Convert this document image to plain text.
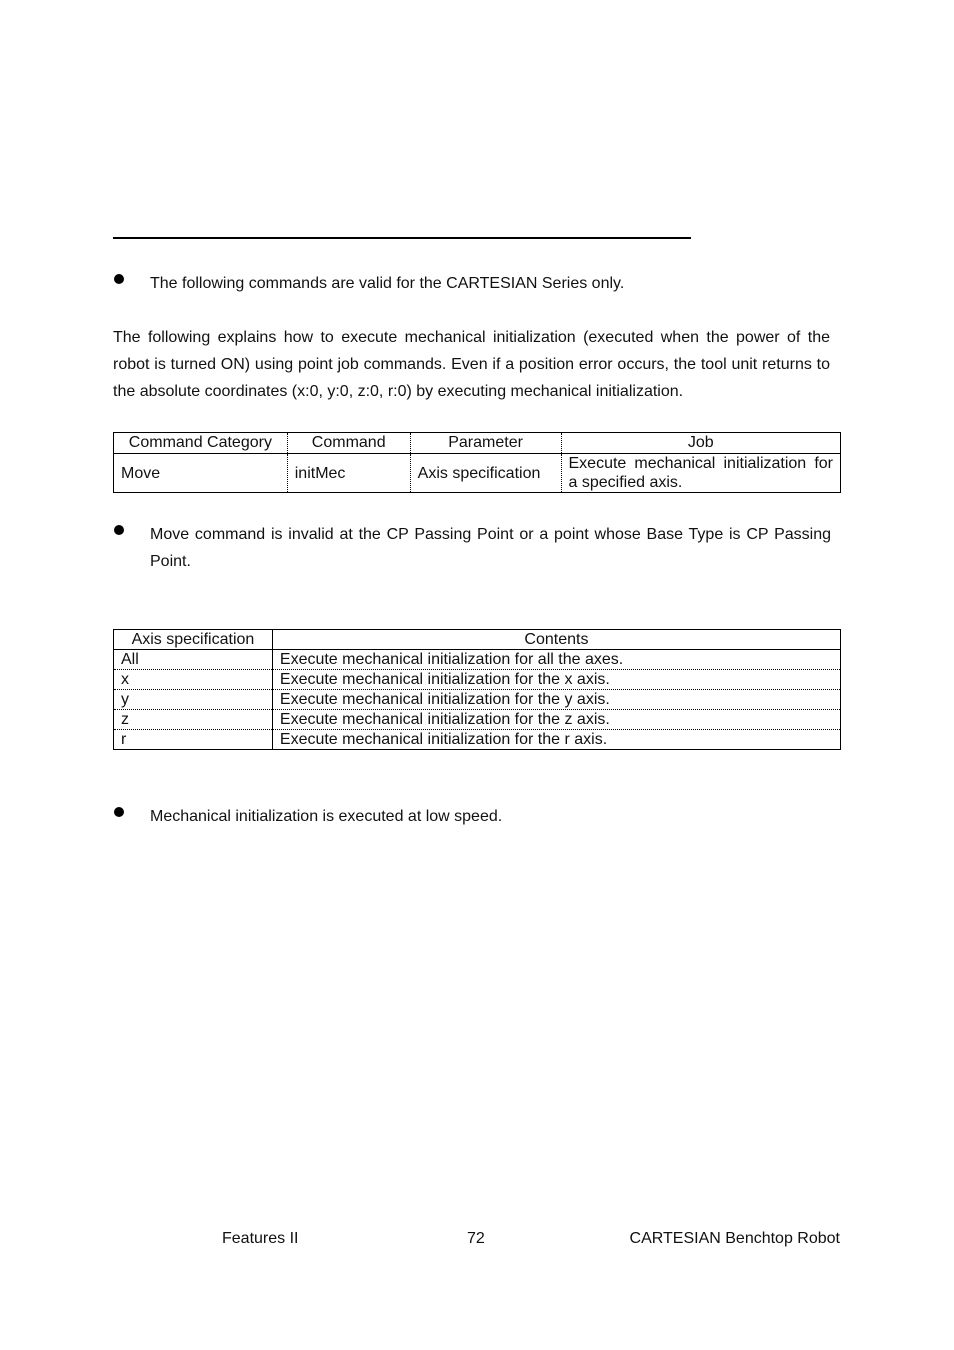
The following commands are valid for the CARTESIAN Series only.
The following explains how to execute mechanical initialization (executed when the power of the robot is turned ON) using point job commands. Even if a position error occurs, the tool unit returns to the absolute coordinates (x:0, y:0, z:0, r:0) by executing mechanical initialization.
Command Category	Command	Parameter	Job
Move	initMec	Axis specification	Execute mechanical initialization for a specified axis.
Move command is invalid at the CP Passing Point or a point whose Base Type is CP Passing Point.
Axis specification	Contents
All	Execute mechanical initialization for all the axes.
x	Execute mechanical initialization for the x axis.
y	Execute mechanical initialization for the y axis.
z	Execute mechanical initialization for the z axis.
r	Execute mechanical initialization for the r axis.
Mechanical initialization is executed at low speed.
Features II	72	CARTESIAN Benchtop Robot
